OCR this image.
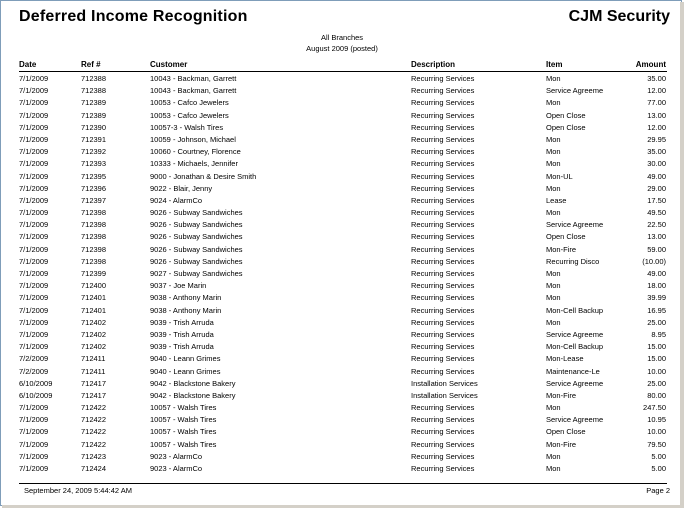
Deferred Income Recognition	CJM Security
All Branches
August 2009 (posted)
Date	Ref #	Customer	Description	Item	Amount
7/1/2009	712388	10043 - Backman, Garrett	Recurring Services	Mon	35.00
7/1/2009	712388	10043 - Backman, Garrett	Recurring Services	Service Agreeme	12.00
7/1/2009	712389	10053 - Cafco Jewelers	Recurring Services	Mon	77.00
7/1/2009	712389	10053 - Cafco Jewelers	Recurring Services	Open Close	13.00
7/1/2009	712390	10057-3 - Walsh Tires	Recurring Services	Open Close	12.00
7/1/2009	712391	10059 - Johnson, Michael	Recurring Services	Mon	29.95
7/1/2009	712392	10060 - Courtney, Florence	Recurring Services	Mon	35.00
7/1/2009	712393	10333 - Michaels, Jennifer	Recurring Services	Mon	30.00
7/1/2009	712395	9000 - Jonathan & Desire Smith	Recurring Services	Mon-UL	49.00
7/1/2009	712396	9022 - Blair, Jenny	Recurring Services	Mon	29.00
7/1/2009	712397	9024 - AlarmCo	Recurring Services	Lease	17.50
7/1/2009	712398	9026 - Subway Sandwiches	Recurring Services	Mon	49.50
7/1/2009	712398	9026 - Subway Sandwiches	Recurring Services	Service Agreeme	22.50
7/1/2009	712398	9026 - Subway Sandwiches	Recurring Services	Open Close	13.00
7/1/2009	712398	9026 - Subway Sandwiches	Recurring Services	Mon-Fire	59.00
7/1/2009	712398	9026 - Subway Sandwiches	Recurring Services	Recurring Disco	(10.00)
7/1/2009	712399	9027 - Subway Sandwiches	Recurring Services	Mon	49.00
7/1/2009	712400	9037 - Joe Marin	Recurring Services	Mon	18.00
7/1/2009	712401	9038 - Anthony Marin	Recurring Services	Mon	39.99
7/1/2009	712401	9038 - Anthony Marin	Recurring Services	Mon-Cell Backup	16.95
7/1/2009	712402	9039 - Trish Arruda	Recurring Services	Mon	25.00
7/1/2009	712402	9039 - Trish Arruda	Recurring Services	Service Agreeme	8.95
7/1/2009	712402	9039 - Trish Arruda	Recurring Services	Mon-Cell Backup	15.00
7/2/2009	712411	9040 - Leann Grimes	Recurring Services	Mon-Lease	15.00
7/2/2009	712411	9040 - Leann Grimes	Recurring Services	Maintenance-Le	10.00
6/10/2009	712417	9042 - Blackstone Bakery	Installation Services	Service Agreeme	25.00
6/10/2009	712417	9042 - Blackstone Bakery	Installation Services	Mon-Fire	80.00
7/1/2009	712422	10057 - Walsh Tires	Recurring Services	Mon	247.50
7/1/2009	712422	10057 - Walsh Tires	Recurring Services	Service Agreeme	10.95
7/1/2009	712422	10057 - Walsh Tires	Recurring Services	Open Close	10.00
7/1/2009	712422	10057 - Walsh Tires	Recurring Services	Mon-Fire	79.50
7/1/2009	712423	9023 - AlarmCo	Recurring Services	Mon	5.00
7/1/2009	712424	9023 - AlarmCo	Recurring Services	Mon	5.00
September 24, 2009 5:44:42 AM	Page 2
